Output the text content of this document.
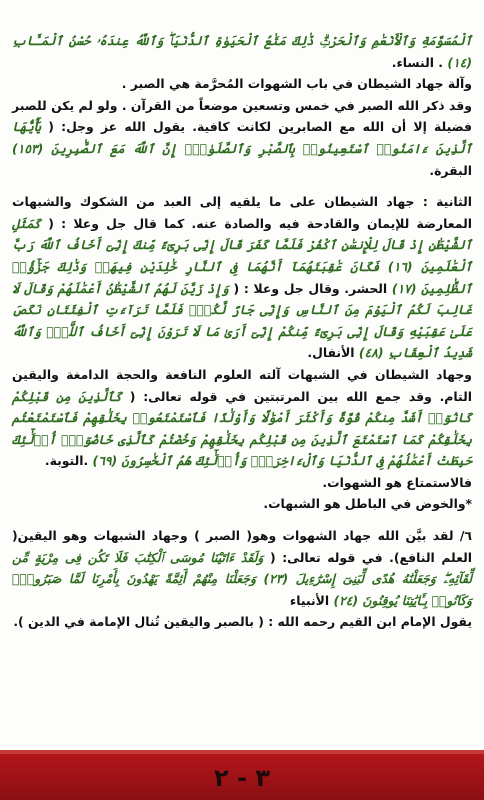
ٱلْمُسَوَّمَةِ وَٱلْأَنْعَٰمِ وَٱلْحَرْثِۗ ذَٰلِكَ مَتَٰعُ ٱلْحَيَوٰةِ ٱلدُّنْيَاۖ وَٱللَّهُ عِندَهُۥ حُسْنُ ٱلْمَـَٔابِ (١٤) . النساء.

وآلة جهاد الشيطان في باب الشهوات المُحرَّمة هي الصبر .

وقد ذكر الله الصبر في خمس وتسعين موضعاً من القرآن . ولو لم يكن للصبر فضيلة إلا أن الله مع الصابرين لكانت كافية. يقول الله عز وجل: ( يَٰٓأَيُّهَا ٱلَّذِينَ ءَامَنُوا۟ ٱسْتَعِينُوا۟ بِٱلصَّبْرِ وَٱلصَّلَوٰةِۚ إِنَّ ٱللَّهَ مَعَ ٱلصَّٰبِرِينَ (١٥٣) البقرة.

الثانية : جهاد الشيطان على ما يلقيه إلى العبد من الشكوك والشبهات المعارضة للإيمان والقادحة فيه والصادة عنه. كما قال جل وعلا : ( كَمَثَلِ ٱلشَّيْطَٰنِ إِذْ قَالَ لِلْإِنسَٰنِ ٱكْفُرْ فَلَمَّا كَفَرَ قَالَ إِنِّى بَرِىٓءٌ مِّنكَ إِنِّىٓ أَخَافُ ٱللَّهَ رَبَّ ٱلْعَٰلَمِينَ (١٦) فَكَانَ عَٰقِبَتَهُمَآ أَنَّهُمَا فِى ٱلنَّارِ خَٰلِدَيْنِ فِيهَاۚ وَذَٰلِكَ جَزَٰٓؤُا۟ ٱلظَّٰلِمِينَ (١٧) الحشر. وقال جل وعلا : ( وَإِذْ زَيَّنَ لَهُمُ ٱلشَّيْطَٰنُ أَعْمَٰلَهُمْ وَقَالَ لَا غَالِبَ لَكُمُ ٱلْيَوْمَ مِنَ ٱلنَّاسِ وَإِنِّى جَارٌ لَّكُمْۖ فَلَمَّا تَرَآءَتِ ٱلْفِئَتَانِ نَكَصَ عَلَىٰ عَقِبَيْهِ وَقَالَ إِنِّى بَرِىٓءٌ مِّنكُمْ إِنِّىٓ أَرَىٰ مَا لَا تَرَوْنَ إِنِّىٓ أَخَافُ ٱللَّهَۚ وَٱللَّهُ شَدِيدُ ٱلْعِقَابِ (٤٨) الأنفال.

وجهاد الشيطان في الشبهات آلته العلوم النافعة والحجة الدامغة واليقين التام. وقد جمع الله بين المرتبتين في قوله تعالى: ( كَٱلَّذِينَ مِن قَبْلِكُمْ كَانُوٓا۟ أَشَدَّ مِنكُمْ قُوَّةً وَأَكْثَرَ أَمْوَٰلًا وَأَوْلَٰدًا فَٱسْتَمْتَعُوا۟ بِخَلَٰقِهِمْ فَٱسْتَمْتَعْتُم بِخَلَٰقِكُمْ كَمَا ٱسْتَمْتَعَ ٱلَّذِينَ مِن قَبْلِكُم بِخَلَٰقِهِمْ وَخُضْتُمْ كَٱلَّذِى خَاضُوٓا۟ۚ أُو۟لَٰٓئِكَ حَبِطَتْ أَعْمَٰلُهُمْ فِى ٱلدُّنْيَا وَٱلْءَاخِرَةِۖ وَأُو۟لَٰٓئِكَ هُمُ ٱلْخَٰسِرُونَ (٦٩) .التوبة.

فالاستمتاع هو الشهوات.

*والخوض في الباطل هو الشبهات.

٦/ لقد بيَّن الله جهاد الشهوات وهو( الصبر ) وجهاد الشبهات وهو اليقين( العلم النافع). في قوله تعالى: ( وَلَقَدْ ءَاتَيْنَا مُوسَى ٱلْكِتَٰبَ فَلَا تَكُن فِى مِرْيَةٍ مِّن لِّقَآئِهِۦۖ وَجَعَلْنَٰهُ هُدًى لِّبَنِىٓ إِسْرَٰٓءِيلَ (٢٣) وَجَعَلْنَا مِنْهُمْ أَئِمَّةً يَهْدُونَ بِأَمْرِنَا لَمَّا صَبَرُوا۟ۖ وَكَانُوا۟ بِـَٔايَٰتِنَا يُوقِنُونَ (٢٤) الأنبياء

يقول الإمام ابن القيم رحمه الله : ( بالصبر واليقين تُنال الإمامة في الدين ).

٣ - ٢
